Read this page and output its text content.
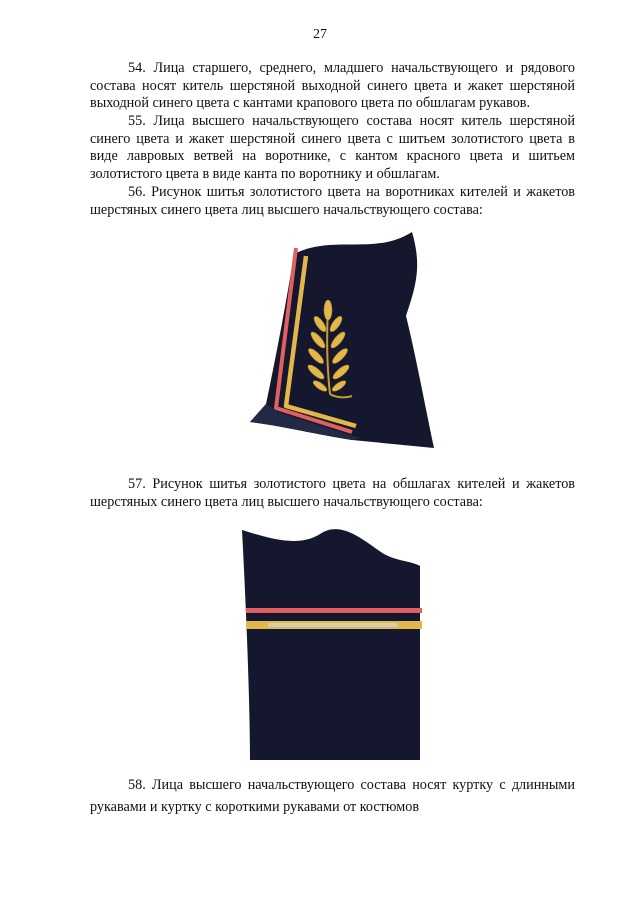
27

54. Лица старшего, среднего, младшего начальствующего и рядового состава носят китель шерстяной выходной синего цвета и жакет шерстяной выходной синего цвета с кантами крапового цвета по обшлагам рукавов.

55. Лица высшего начальствующего состава носят китель шерстяной синего цвета и жакет шерстяной синего цвета с шитьем золотистого цвета в виде лавровых ветвей на воротнике, с кантом красного цвета и шитьем золотистого цвета в виде канта по воротнику и обшлагам.

56. Рисунок шитья золотистого цвета на воротниках кителей и жакетов шерстяных синего цвета лиц высшего начальствующего состава:

57. Рисунок шитья золотистого цвета на обшлагах кителей и жакетов шерстяных синего цвета лиц высшего начальствующего состава:

58. Лица высшего начальствующего состава носят куртку с длинными рукавами и куртку с короткими рукавами от костюмов
